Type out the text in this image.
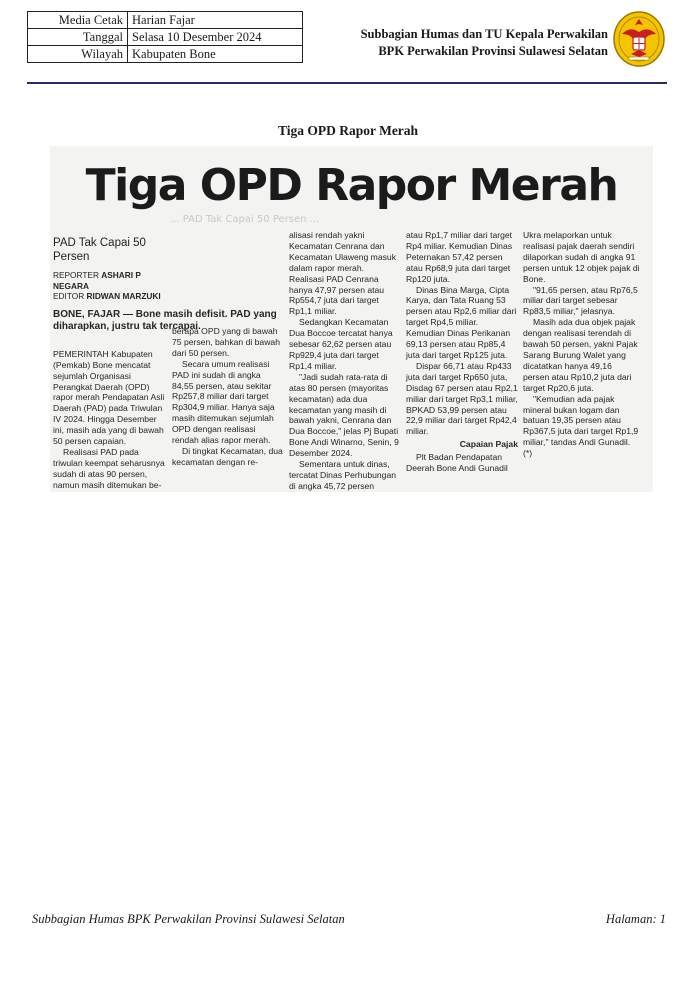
Media Cetak	Harian Fajar
Tanggal	Selasa 10 Desember 2024
Wilayah	Kabupaten Bone
Subbagian Humas dan TU Kepala Perwakilan
BPK Perwakilan Provinsi Sulawesi Selatan
Tiga OPD Rapor Merah
Tiga OPD Rapor Merah
... PAD Tak Capai 50 Persen ...
PAD Tak Capai 50 Persen
REPORTER ASHARI P NEGARA
EDITOR RIDWAN MARZUKI
BONE, FAJAR — Bone masih defisit. PAD yang diharapkan, justru tak tercapai.

PEMERINTAH Kabupaten (Pemkab) Bone mencatat sejumlah Organisasi Perangkat Daerah (OPD) rapor merah Pendapatan Asli Daerah (PAD) pada Triwulan IV 2024. Hingga Desember ini, masih ada yang di bawah 50 persen capaian.

Realisasi PAD pada triwulan keempat seharusnya sudah di atas 90 persen, namun masih ditemukan be-

berapa OPD yang di bawah 75 persen, bahkan di bawah dari 50 persen.

Secara umum realisasi PAD ini sudah di angka 84,55 persen, atau sekitar Rp257,8 miliar dari target Rp304,9 miliar. Hanya saja masih ditemukan sejumlah OPD dengan realisasi rendah alias rapor merah.

Di tingkat Kecamatan, dua kecamatan dengan re-

alisasi rendah yakni Kecamatan Cenrana dan Kecamatan Ulaweng masuk dalam rapor merah. Realisasi PAD Cenrana hanya 47,97 persen atau Rp554,7 juta dari target Rp1,1 miliar.

Sedangkan Kecamatan Dua Boccoe tercatat hanya sebesar 62,62 persen atau Rp929,4 juta dari target Rp1,4 miliar.

"Jadi sudah rata-rata di atas 80 persen (mayoritas kecamatan) ada dua kecamatan yang masih di bawah yakni, Cenrana dan Dua Boccoe," jelas Pj Bupati Bone Andi Winarno, Senin, 9 Desember 2024.

Sementara untuk dinas, tercatat Dinas Perhubungan di angka 45,72 persen

atau Rp1,7 miliar dari target Rp4 miliar. Kemudian Dinas Peternakan 57,42 persen atau Rp68,9 juta dari target Rp120 juta.

Dinas Bina Marga, Cipta Karya, dan Tata Ruang 53 persen atau Rp2,6 miliar dari target Rp4,5 miliar. Kemudian Dinas Perikanan 69,13 persen atau Rp85,4 juta dari target Rp125 juta.

Dispar 66,71 atau Rp433 juta dari target Rp650 juta, Disdag 67 persen atau Rp2,1 miliar dari target Rp3,1 miliar, BPKAD 53,99 persen atau 22,9 miliar dari target Rp42,4 miliar.

Capaian Pajak

Plt Badan Pendapatan Deerah Bone Andi Gunadil

Ukra melaporkan untuk realisasi pajak daerah sendiri dilaporkan sudah di angka 91 persen untuk 12 objek pajak di Bone.

"91,65 persen, atau Rp76,5 miliar dari target sebesar Rp83,5 miliar," jelasnya.

Masih ada dua objek pajak dengan realisasi terendah di bawah 50 persen, yakni Pajak Sarang Burung Walet yang dicatatkan hanya 49,16 persen atau Rp10,2 juta dari target Rp20,6 juta.

"Kemudian ada pajak mineral bukan logam dan batuan 19,35 persen atau Rp367,5 juta dari target Rp1,9 miliar," tandas Andi Gunadil. (*)

Subbagian Humas BPK Perwakilan Provinsi Sulawesi Selatan	Halaman: 1
